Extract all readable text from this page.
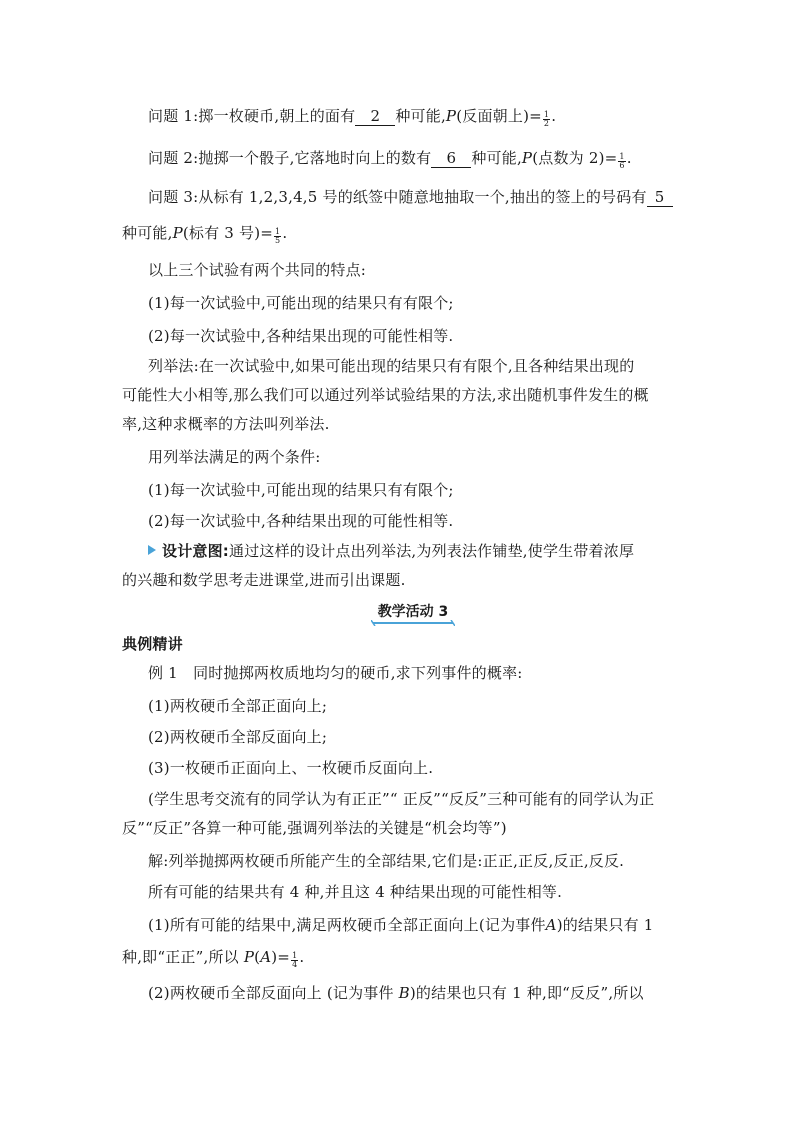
问题 1:掷一枚硬币,朝上的面有 2 种可能,P(反面朝上)= $\frac{1}{2}$ .
问题 2:抛掷一个骰子,它落地时向上的数有 6 种可能,P(点数为 $2)= \frac{1}{6}$ .
问题 3:从标有 1,2,3,4,5 号的纸签中随意地抽取一个,抽出的签上的号码有 5
种可能,P(标有 3 号)= $\frac{1}{5}$ .
以上三个试验有两个共同的特点:
(1)每一次试验中,可能出现的结果只有有限个;
(2)每一次试验中,各种结果出现的可能性相等.
列举法:在一次试验中,如果可能出现的结果只有有限个,且各种结果出现的
可能性大小相等,那么我们可以通过列举试验结果的方法,求出随机事件发生的概
率,这种求概率的方法叫列举法.
用列举法满足的两个条件:
(1)每一次试验中,可能出现的结果只有有限个;
(2)每一次试验中,各种结果出现的可能性相等.
设计意图:通过这样的设计点出列举法,为列表法作铺垫,使学生带着浓厚
的兴趣和数学思考走进课堂,进而引出课题.
教学活动 3
典例精讲
例 1　同时抛掷两枚质地均匀的硬币,求下列事件的概率:
(1)两枚硬币全部正面向上;
(2)两枚硬币全部反面向上;
(3)一枚硬币正面向上、一枚硬币反面向上.
(学生思考交流有的同学认为有正正”“ 正反”“反反”三种可能有的同学认为正
反”“反正”各算一种可能,强调列举法的关键是“机会均等”)
解:列举抛掷两枚硬币所能产生的全部结果,它们是:正正,正反,反正,反反.
所有可能的结果共有 4 种,并且这 4 种结果出现的可能性相等.
(1)所有可能的结果中,满足两枚硬币全部正面向上(记为事件A)的结果只有 1
种,即“正正”,所以 $P(A)= \frac{1}{4}$ .
(2)两枚硬币全部反面向上 (记为事件 B)的结果也只有 1 种,即“反反”,所以
